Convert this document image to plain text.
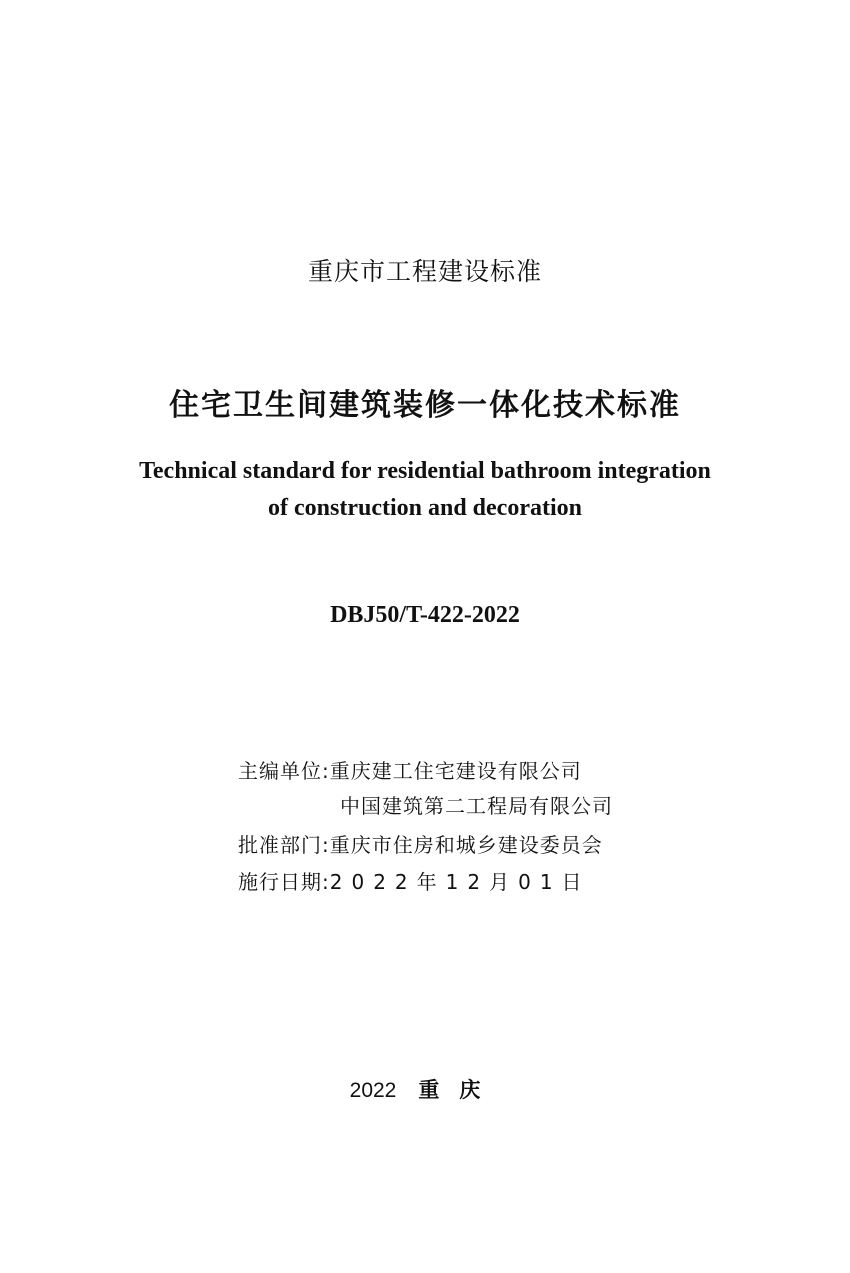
重庆市工程建设标准
住宅卫生间建筑装修一体化技术标准
Technical standard for residential bathroom integration
of construction and decoration
DBJ50/T-422-2022
主编单位:重庆建工住宅建设有限公司
中国建筑第二工程局有限公司
批准部门:重庆市住房和城乡建设委员会
施行日期:2022年12月01日
2022 重庆
